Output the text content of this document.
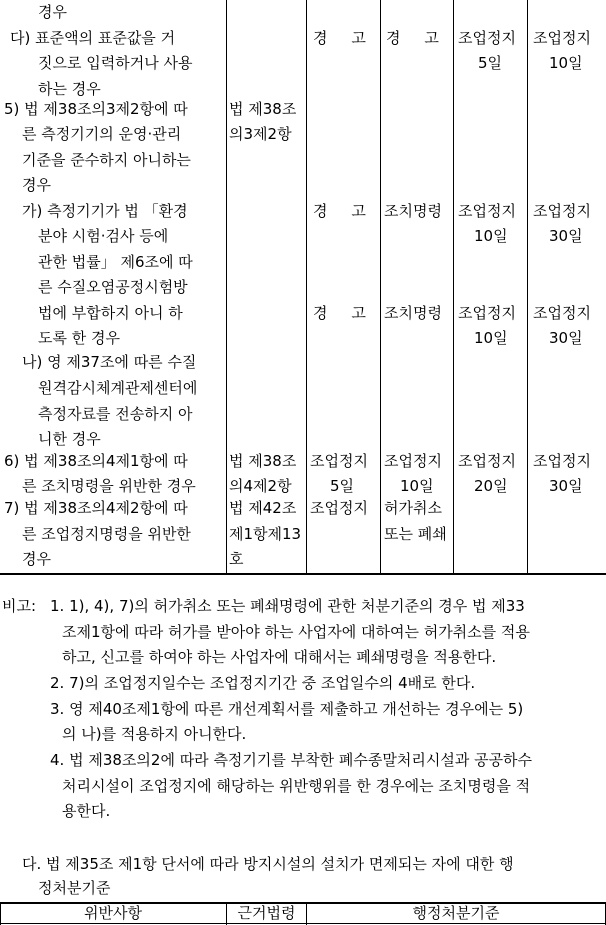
경우
다) 표준액의 표준값을 거
짓으로 입력하거나 사용
하는 경우
경     고 경     고 조업정지
5일
조업정지
10일
5) 법 제38조의3제2항에 따
른 측정기기의 운영·관리
기준을 준수하지 아니하는
경우
법 제38조
의3제2항
가) 측정기기가 법 「환경
분야 시험·검사 등에
관한 법률」 제6조에 따
른 수질오염공정시험방
경     고 조치명령 조업정지
10일
조업정지
30일
법에 부합하지 아니 하
도록 한 경우
나) 영 제37조에 따른 수질
원격감시체계관제센터에
측정자료를 전송하지 아
니한 경우
경     고 조치명령 조업정지
10일
조업정지
30일
6) 법 제38조의4제1항에 따
른 조치명령을 위반한 경우
법 제38조
의4제2항
조업정지
5일
조업정지
10일
조업정지
20일
조업정지
30일
7) 법 제38조의4제2항에 따
른 조업정지명령을 위반한
경우
법 제42조
제1항제13
호
조업정지 허가취소
또는 폐쇄
비고: 1. 1), 4), 7)의 허가취소 또는 폐쇄명령에 관한 처분기준의 경우 법 제33
조제1항에 따라 허가를 받아야 하는 사업자에 대하여는 허가취소를 적용
하고, 신고를 하여야 하는 사업자에 대해서는 폐쇄명령을 적용한다.
2. 7)의 조업정지일수는 조업정지기간 중 조업일수의 4배로 한다.
3. 영 제40조제1항에 따른 개선계획서를 제출하고 개선하는 경우에는 5)
의 나)를 적용하지 아니한다.
4. 법 제38조의2에 따라 측정기기를 부착한 폐수종말처리시설과 공공하수
처리시설이 조업정지에 해당하는 위반행위를 한 경우에는 조치명령을 적
용한다.
다. 법 제35조 제1항 단서에 따라 방지시설의 설치가 면제되는 자에 대한 행
정처분기준
위반사항	근거법령	행정처분기준
